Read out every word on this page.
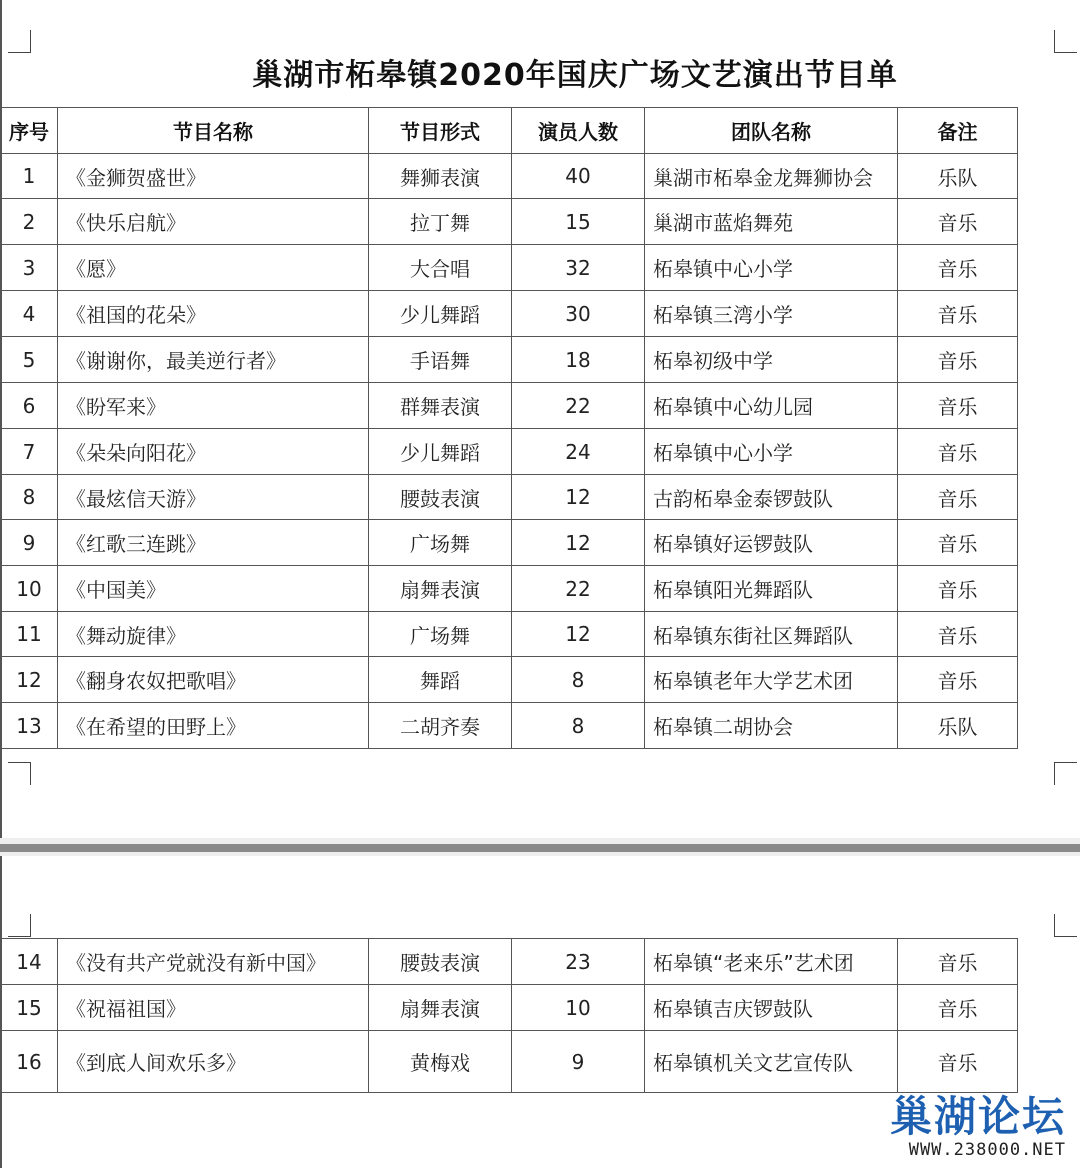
巢湖市柘皋镇2020年国庆广场文艺演出节目单
序号	节目名称	节目形式	演员人数	团队名称	备注
1	《金狮贺盛世》	舞狮表演	40	巢湖市柘皋金龙舞狮协会	乐队
2	《快乐启航》	拉丁舞	15	巢湖市蓝焰舞苑	音乐
3	《愿》	大合唱	32	柘皋镇中心小学	音乐
4	《祖国的花朵》	少儿舞蹈	30	柘皋镇三湾小学	音乐
5	《谢谢你，最美逆行者》	手语舞	18	柘皋初级中学	音乐
6	《盼军来》	群舞表演	22	柘皋镇中心幼儿园	音乐
7	《朵朵向阳花》	少儿舞蹈	24	柘皋镇中心小学	音乐
8	《最炫信天游》	腰鼓表演	12	古韵柘皋金泰锣鼓队	音乐
9	《红歌三连跳》	广场舞	12	柘皋镇好运锣鼓队	音乐
10	《中国美》	扇舞表演	22	柘皋镇阳光舞蹈队	音乐
11	《舞动旋律》	广场舞	12	柘皋镇东街社区舞蹈队	音乐
12	《翻身农奴把歌唱》	舞蹈	8	柘皋镇老年大学艺术团	音乐
13	《在希望的田野上》	二胡齐奏	8	柘皋镇二胡协会	乐队
14	《没有共产党就没有新中国》	腰鼓表演	23	柘皋镇“老来乐”艺术团	音乐
15	《祝福祖国》	扇舞表演	10	柘皋镇吉庆锣鼓队	音乐
16	《到底人间欢乐多》	黄梅戏	9	柘皋镇机关文艺宣传队	音乐
巢湖论坛
WWW.238000.NET
